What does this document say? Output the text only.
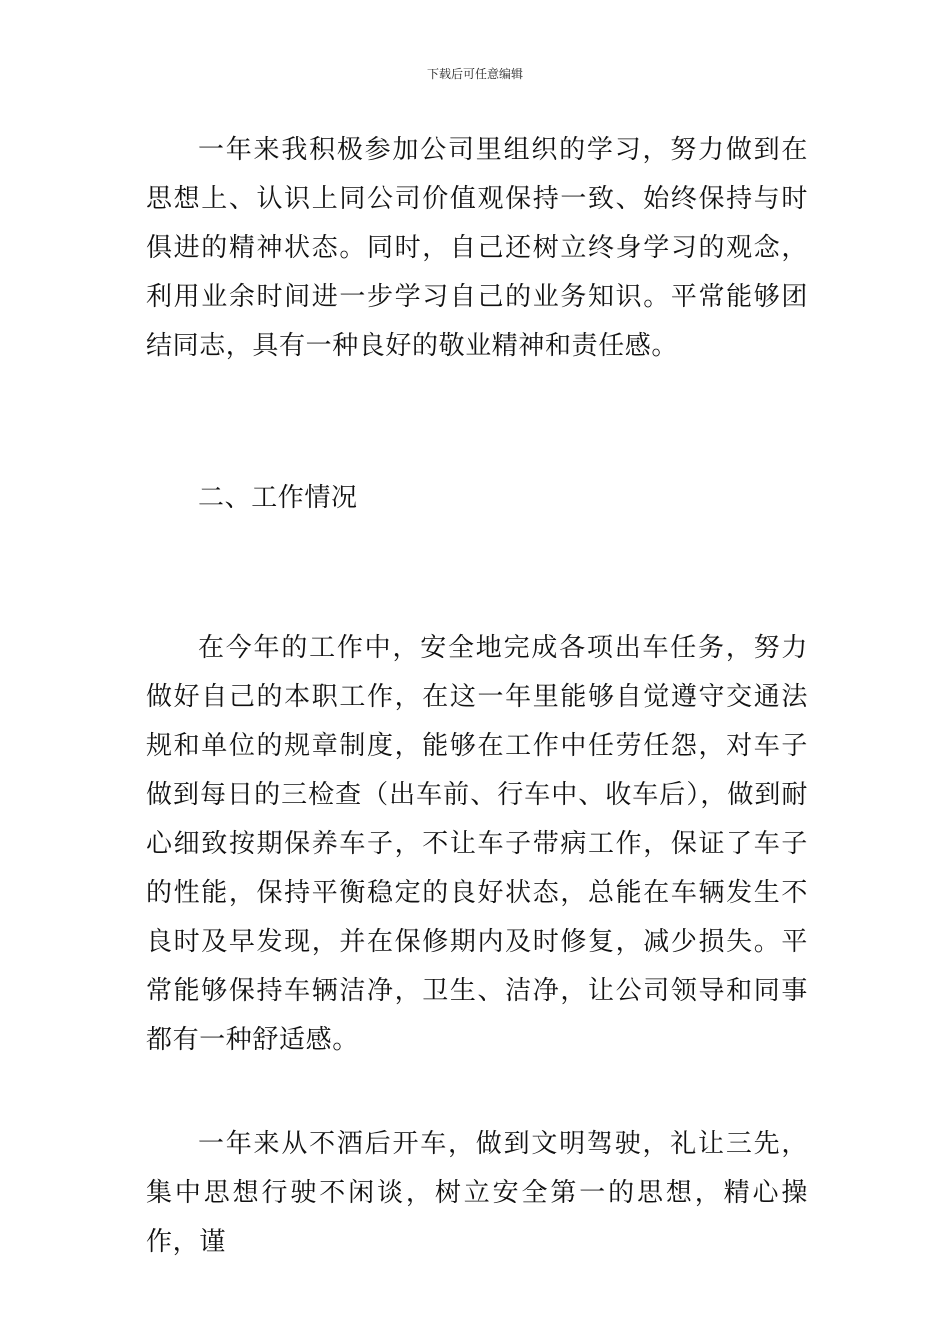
下载后可任意编辑

一年来我积极参加公司里组织的学习，努力做到在思想上、认识上同公司价值观保持一致、始终保持与时俱进的精神状态。同时，自己还树立终身学习的观念，利用业余时间进一步学习自己的业务知识。平常能够团结同志，具有一种良好的敬业精神和责任感。

二、工作情况

在今年的工作中，安全地完成各项出车任务，努力做好自己的本职工作，在这一年里能够自觉遵守交通法规和单位的规章制度，能够在工作中任劳任怨，对车子做到每日的三检查（出车前、行车中、收车后），做到耐心细致按期保养车子，不让车子带病工作，保证了车子的性能，保持平衡稳定的良好状态，总能在车辆发生不良时及早发现，并在保修期内及时修复，减少损失。平常能够保持车辆洁净，卫生、洁净，让公司领导和同事都有一种舒适感。

一年来从不酒后开车，做到文明驾驶，礼让三先，集中思想行驶不闲谈，树立安全第一的思想，精心操作，谨
